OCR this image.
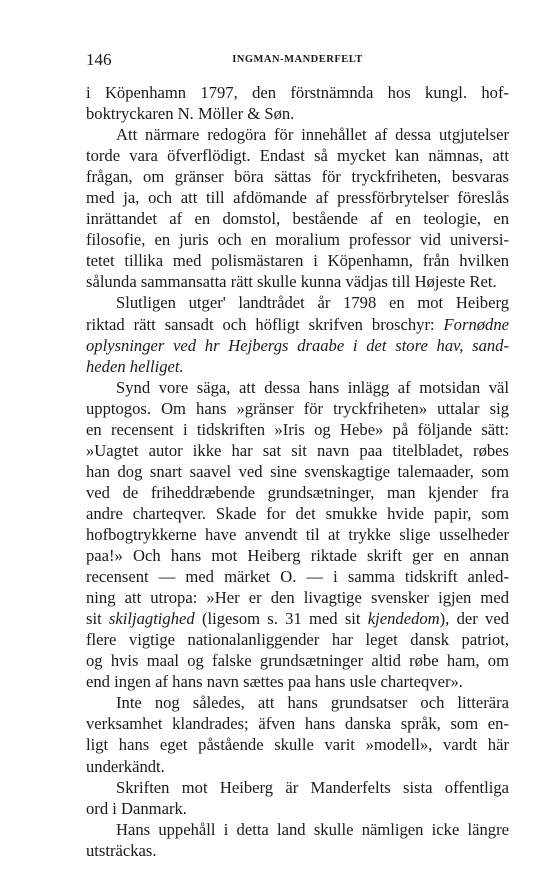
146	INGMAN-MANDERFELT
i Köpenhamn 1797, den förstnämnda hos kungl. hof-
boktryckaren N. Möller & Søn.
Att närmare redogöra för innehållet af dessa utgjutelser
torde vara öfverflödigt. Endast så mycket kan nämnas, att
frågan, om gränser böra sättas för tryckfriheten, besvaras
med ja, och att till afdömande af pressförbrytelser föreslås
inrättandet af en domstol, bestående af en teologie, en
filosofie, en juris och en moralium professor vid universi-
tetet tillika med polismästaren i Köpenhamn, från hvilken
sålunda sammansatta rätt skulle kunna vädjas till Højeste Ret.
Slutligen utger' landtrådet år 1798 en mot Heiberg
riktad rätt sansadt och höfligt skrifven broschyr: Fornødne
oplysninger ved hr Hejbergs draabe i det store hav, sand-
heden helliget.
Synd vore säga, att dessa hans inlägg af motsidan väl
upptogos. Om hans »gränser för tryckfriheten» uttalar sig
en recensent i tidskriften »Iris og Hebe» på följande sätt:
»Uagtet autor ikke har sat sit navn paa titelbladet, røbes
han dog snart saavel ved sine svenskagtige talemaader, som
ved de friheddræbende grundsætninger, man kjender fra
andre charteqver. Skade for det smukke hvide papir, som
hofbogtrykkerne have anvendt til at trykke slige usselheder
paa!» Och hans mot Heiberg riktade skrift ger en annan
recensent — med märket O. — i samma tidskrift anled-
ning att utropa: »Her er den livagtige svensker igjen med
sit skiljagtighed (ligesom s. 31 med sit kjendedom), der ved
flere vigtige nationalanliggender har leget dansk patriot,
og hvis maal og falske grundsætninger altid røbe ham, om
end ingen af hans navn sættes paa hans usle charteqver».
Inte nog således, att hans grundsatser och litterära
verksamhet klandrades; äfven hans danska språk, som en-
ligt hans eget påstående skulle varit »modell», vardt här
underkändt.
Skriften mot Heiberg är Manderfelts sista offentliga
ord i Danmark.
Hans uppehåll i detta land skulle nämligen icke längre
utsträckas.
